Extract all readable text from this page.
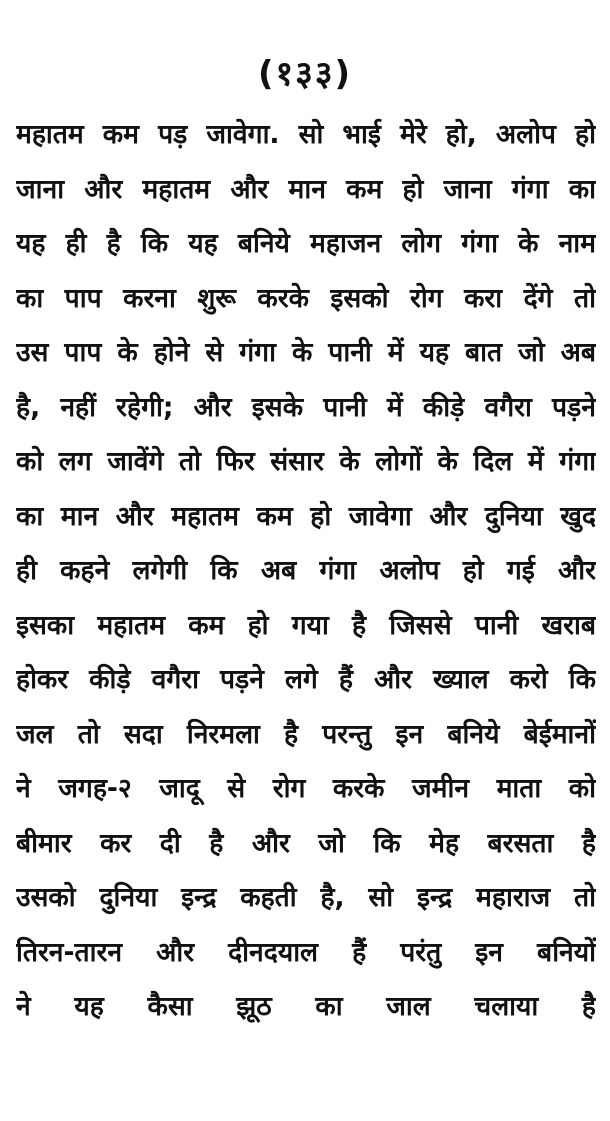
(१३३)
महातम कम पड़ जावेगा. सो भाई मेरे हो, अलोप हो
जाना और महातम और मान कम हो जाना गंगा का
यह ही है कि यह बनिये महाजन लोग गंगा के नाम
का पाप करना शुरू करके इसको रोग करा देंगे तो
उस पाप के होने से गंगा के पानी में यह बात जो अब
है, नहीं रहेगी; और इसके पानी में कीड़े वगैरा पड़ने
को लग जावेंगे तो फिर संसार के लोगों के दिल में गंगा
का मान और महातम कम हो जावेगा और दुनिया खुद
ही कहने लगेगी कि अब गंगा अलोप हो गई और
इसका महातम कम हो गया है जिससे पानी खराब
होकर कीड़े वगैरा पड़ने लगे हैं और ख्याल करो कि
जल तो सदा निरमला है परन्तु इन बनिये बेईमानों
ने जगह-२ जादू से रोग करके जमीन माता को
बीमार कर दी है और जो कि मेह बरसता है
उसको दुनिया इन्द्र कहती है, सो इन्द्र महाराज तो
तिरन-तारन और दीनदयाल हैं परंतु इन बनियों
ने यह कैसा झूठ का जाल चलाया है
